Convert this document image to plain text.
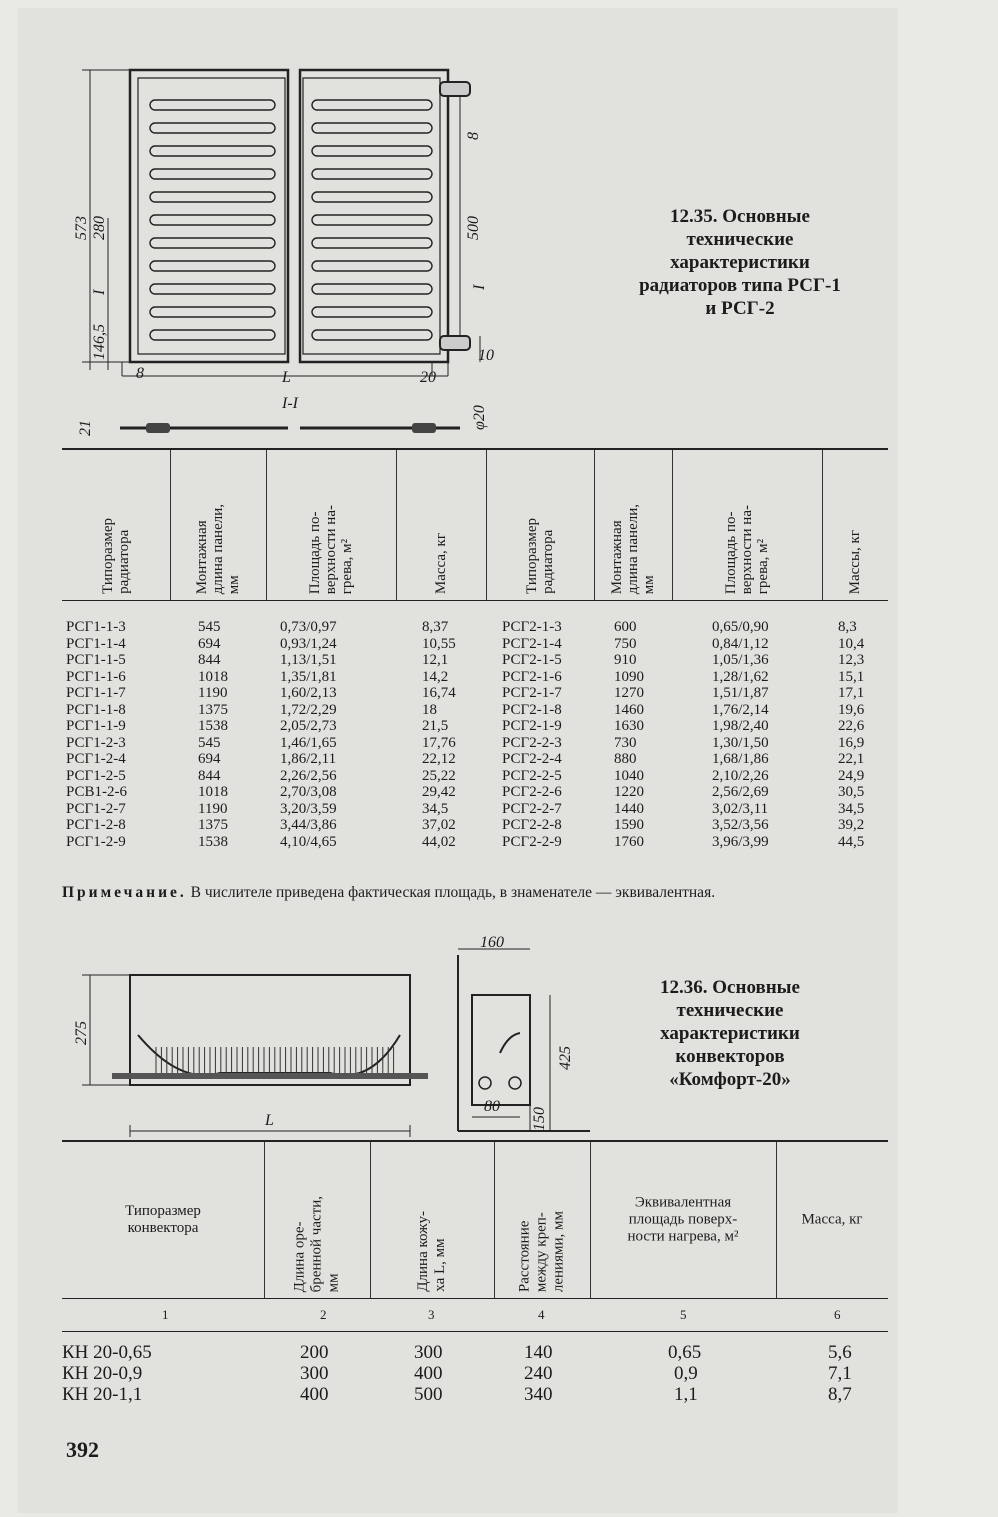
573 280
I
146,5
8
500
I
10
8	L	20
I-I
21	φ20
12.35. Основные
технические
характеристики
радиаторов типа РСГ-1
и РСГ-2
Типоразмер
радиатора	Монтажная
длина панели,
мм	Площадь по-
верхности на-
грева, м²	Масса, кг	Типоразмер
радиатора	Монтажная
длина панели,
мм	Площадь по-
верхности на-
грева, м²	Массы, кг
РСГ1-1-3	545	0,73/0,97	8,37	РСГ2-1-3	600	0,65/0,90	8,3
РСГ1-1-4	694	0,93/1,24	10,55	РСГ2-1-4	750	0,84/1,12	10,4
РСГ1-1-5	844	1,13/1,51	12,1	РСГ2-1-5	910	1,05/1,36	12,3
РСГ1-1-6	1018	1,35/1,81	14,2	РСГ2-1-6	1090	1,28/1,62	15,1
РСГ1-1-7	1190	1,60/2,13	16,74	РСГ2-1-7	1270	1,51/1,87	17,1
РСГ1-1-8	1375	1,72/2,29	18	РСГ2-1-8	1460	1,76/2,14	19,6
РСГ1-1-9	1538	2,05/2,73	21,5	РСГ2-1-9	1630	1,98/2,40	22,6
РСГ1-2-3	545	1,46/1,65	17,76	РСГ2-2-3	730	1,30/1,50	16,9
РСГ1-2-4	694	1,86/2,11	22,12	РСГ2-2-4	880	1,68/1,86	22,1
РСГ1-2-5	844	2,26/2,56	25,22	РСГ2-2-5	1040	2,10/2,26	24,9
РСВ1-2-6	1018	2,70/3,08	29,42	РСГ2-2-6	1220	2,56/2,69	30,5
РСГ1-2-7	1190	3,20/3,59	34,5	РСГ2-2-7	1440	3,02/3,11	34,5
РСГ1-2-8	1375	3,44/3,86	37,02	РСГ2-2-8	1590	3,52/3,56	39,2
РСГ1-2-9	1538	4,10/4,65	44,02	РСГ2-2-9	1760	3,96/3,99	44,5
Примечание. В числителе приведена фактическая площадь, в знаменателе — эквивалентная.
275
L
160
425
80
150
12.36. Основные
технические
характеристики
конвекторов
«Комфорт-20»
Типоразмер
конвектора
Длина оре-
бренной части,
мм	Длина кожу-
ха L, мм	Расстояние
между креп-
лениями, мм
Эквивалентная
площадь поверх-
ности нагрева, м²
Масса, кг
1	2	3	4	5	6
КН 20-0,65	200	300	140	0,65	5,6
КН 20-0,9	300	400	240	0,9	7,1
КН 20-1,1	400	500	340	1,1	8,7
392
